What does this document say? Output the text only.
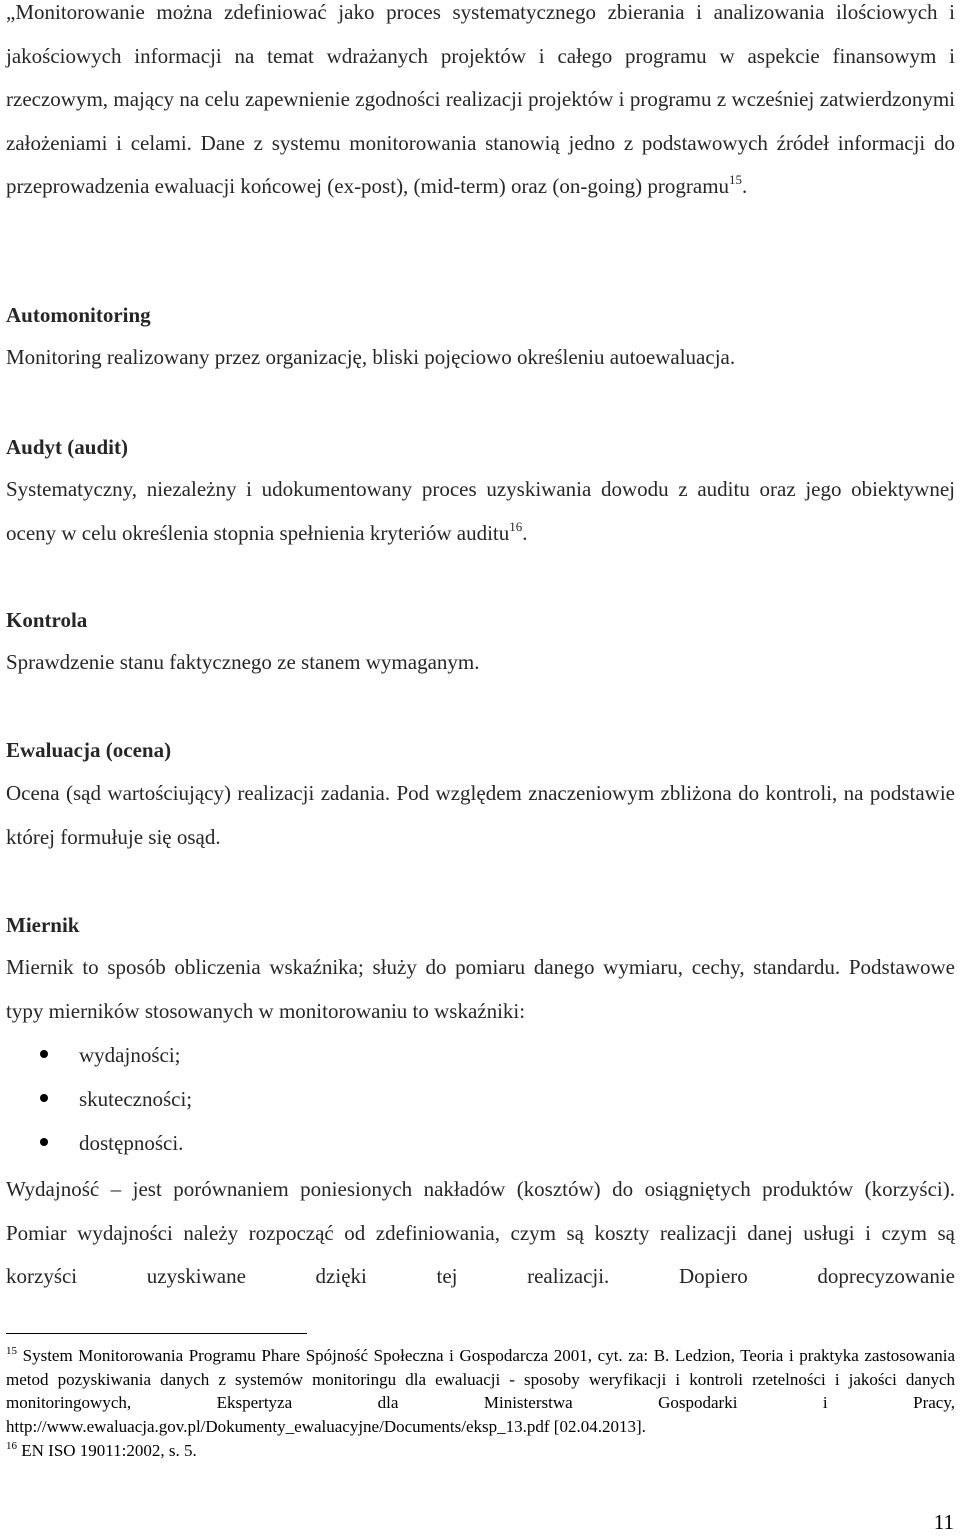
„Monitorowanie można zdefiniować jako proces systematycznego zbierania i analizowania ilościowych i jakościowych informacji na temat wdrażanych projektów i całego programu w aspekcie finansowym i rzeczowym, mający na celu zapewnienie zgodności realizacji projektów i programu z wcześniej zatwierdzonymi założeniami i celami. Dane z systemu monitorowania stanowią jedno z podstawowych źródeł informacji do przeprowadzenia ewaluacji końcowej (ex-post), (mid-term) oraz (on-going) programu$^{15}$.

Automonitoring

Monitoring realizowany przez organizację, bliski pojęciowo określeniu autoewaluacja.

Audyt (audit)

Systematyczny, niezależny i udokumentowany proces uzyskiwania dowodu z auditu oraz jego obiektywnej oceny w celu określenia stopnia spełnienia kryteriów auditu$^{16}$.

Kontrola

Sprawdzenie stanu faktycznego ze stanem wymaganym.

Ewaluacja (ocena)

Ocena (sąd wartościujący) realizacji zadania. Pod względem znaczeniowym zbliżona do kontroli, na podstawie której formułuje się osąd.

Miernik

Miernik to sposób obliczenia wskaźnika; służy do pomiaru danego wymiaru, cechy, standardu. Podstawowe typy mierników stosowanych w monitorowaniu to wskaźniki:

wydajności;
skuteczności;
dostępności.

Wydajność – jest porównaniem poniesionych nakładów (kosztów) do osiągniętych produktów (korzyści). Pomiar wydajności należy rozpocząć od zdefiniowania, czym są koszty realizacji danej usługi i czym są korzyści uzyskiwane dzięki tej realizacji. Dopiero doprecyzowanie

$^{15}$ System Monitorowania Programu Phare Spójność Społeczna i Gospodarcza 2001, cyt. za: B. Ledzion, Teoria i praktyka zastosowania metod pozyskiwania danych z systemów monitoringu dla ewaluacji - sposoby weryfikacji i kontroli rzetelności i jakości danych monitoringowych, Ekspertyza dla Ministerstwa Gospodarki i Pracy, http://www.ewaluacja.gov.pl/Dokumenty_ewaluacyjne/Documents/eksp_13.pdf [02.04.2013].
$^{16}$ EN ISO 19011:2002, s. 5.
11
